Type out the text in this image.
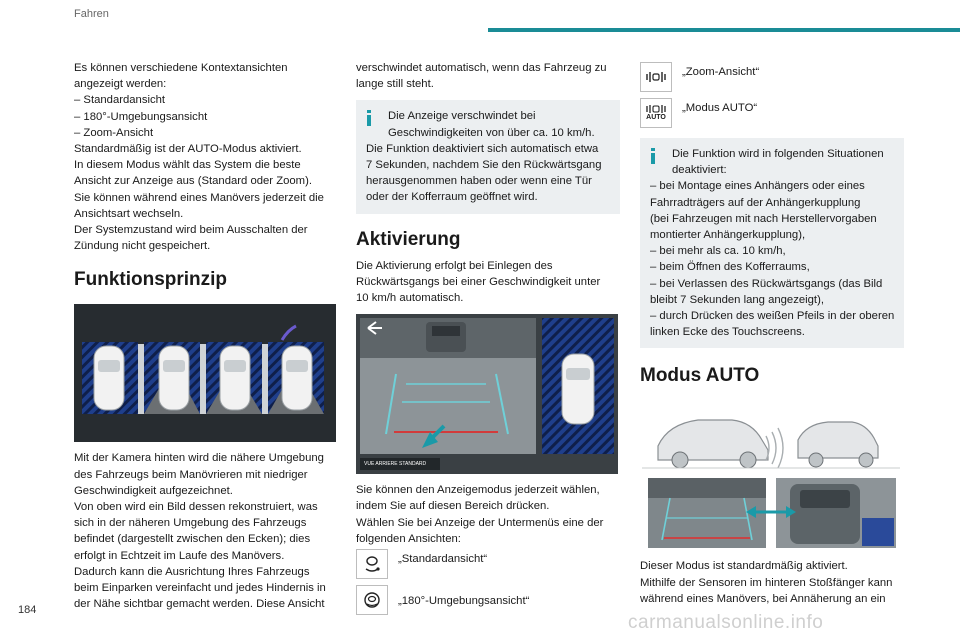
Fahren
Es können verschiedene Kontextansichten
angezeigt werden:
– Standardansicht
– 180°-Umgebungsansicht
– Zoom-Ansicht
Standardmäßig ist der AUTO-Modus aktiviert.
In diesem Modus wählt das System die beste
Ansicht zur Anzeige aus (Standard oder Zoom).
Sie können während eines Manövers jederzeit die
Ansichtsart wechseln.
Der Systemzustand wird beim Ausschalten der
Zündung nicht gespeichert.
Funktionsprinzip
Mit der Kamera hinten wird die nähere Umgebung
des Fahrzeugs beim Manövrieren mit niedriger
Geschwindigkeit aufgezeichnet.
Von oben wird ein Bild dessen rekonstruiert, was
sich in der näheren Umgebung des Fahrzeugs
befindet (dargestellt zwischen den Ecken); dies
erfolgt in Echtzeit im Laufe des Manövers.
Dadurch kann die Ausrichtung Ihres Fahrzeugs
beim Einparken vereinfacht und jedes Hindernis in
der Nähe sichtbar gemacht werden. Diese Ansicht
verschwindet automatisch, wenn das Fahrzeug zu
lange still steht.
Die Anzeige verschwindet bei
Geschwindigkeiten von über ca. 10 km/h.
Die Funktion deaktiviert sich automatisch etwa
7 Sekunden, nachdem Sie den Rückwärtsgang
herausgenommen haben oder wenn eine Tür
oder der Kofferraum geöffnet wird.
Aktivierung
Die Aktivierung erfolgt bei Einlegen des
Rückwärtsgangs bei einer Geschwindigkeit unter
10 km/h automatisch.
VUE ARRIERE STANDARD
Sie können den Anzeigemodus jederzeit wählen,
indem Sie auf diesen Bereich drücken.
Wählen Sie bei Anzeige der Untermenüs eine der
folgenden Ansichten:
„Standardansicht“
„180°-Umgebungsansicht“
„Zoom-Ansicht“
AUTO
„Modus AUTO“
Die Funktion wird in folgenden Situationen
deaktiviert:
– bei Montage eines Anhängers oder eines
Fahrradträgers auf der Anhängerkupplung
(bei Fahrzeugen mit nach Herstellervorgaben
montierter Anhängerkupplung),
– bei mehr als ca. 10 km/h,
– beim Öffnen des Kofferraums,
– bei Verlassen des Rückwärtsgangs (das Bild
bleibt 7 Sekunden lang angezeigt),
– durch Drücken des weißen Pfeils in der oberen
linken Ecke des Touchscreens.
Modus AUTO
Dieser Modus ist standardmäßig aktiviert.
Mithilfe der Sensoren im hinteren Stoßfänger kann
während eines Manövers, bei Annäherung an ein
184
carmanualsonline.info
